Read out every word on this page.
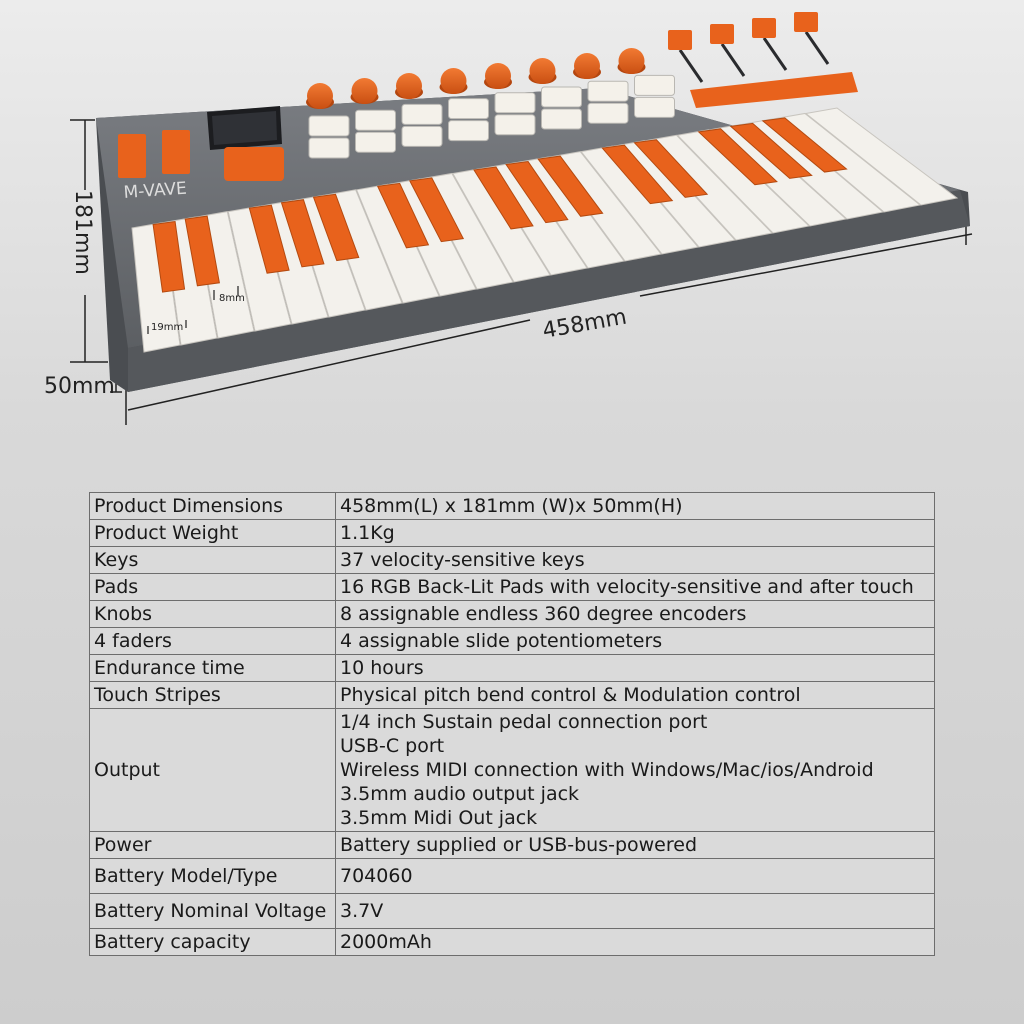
M-VAVE
181mm
458mm
50mm
19mm
8mm
Product Dimensions	458mm(L) x 181mm (W)x 50mm(H)

Product Weight	1.1Kg

Keys	37 velocity-sensitive keys

Pads	16 RGB Back-Lit Pads with velocity-sensitive and after touch

Knobs	8 assignable endless 360 degree encoders

4 faders	4 assignable slide potentiometers

Endurance time	10 hours

Touch Stripes	Physical pitch bend control & Modulation control

Output	1/4 inch Sustain pedal connection port
USB-C port
Wireless MIDI connection with Windows/Mac/ios/Android
3.5mm audio output jack
3.5mm Midi Out jack

Power	Battery supplied or USB-bus-powered

Battery Model/Type	704060

Battery Nominal Voltage	3.7V

Battery capacity	2000mAh
